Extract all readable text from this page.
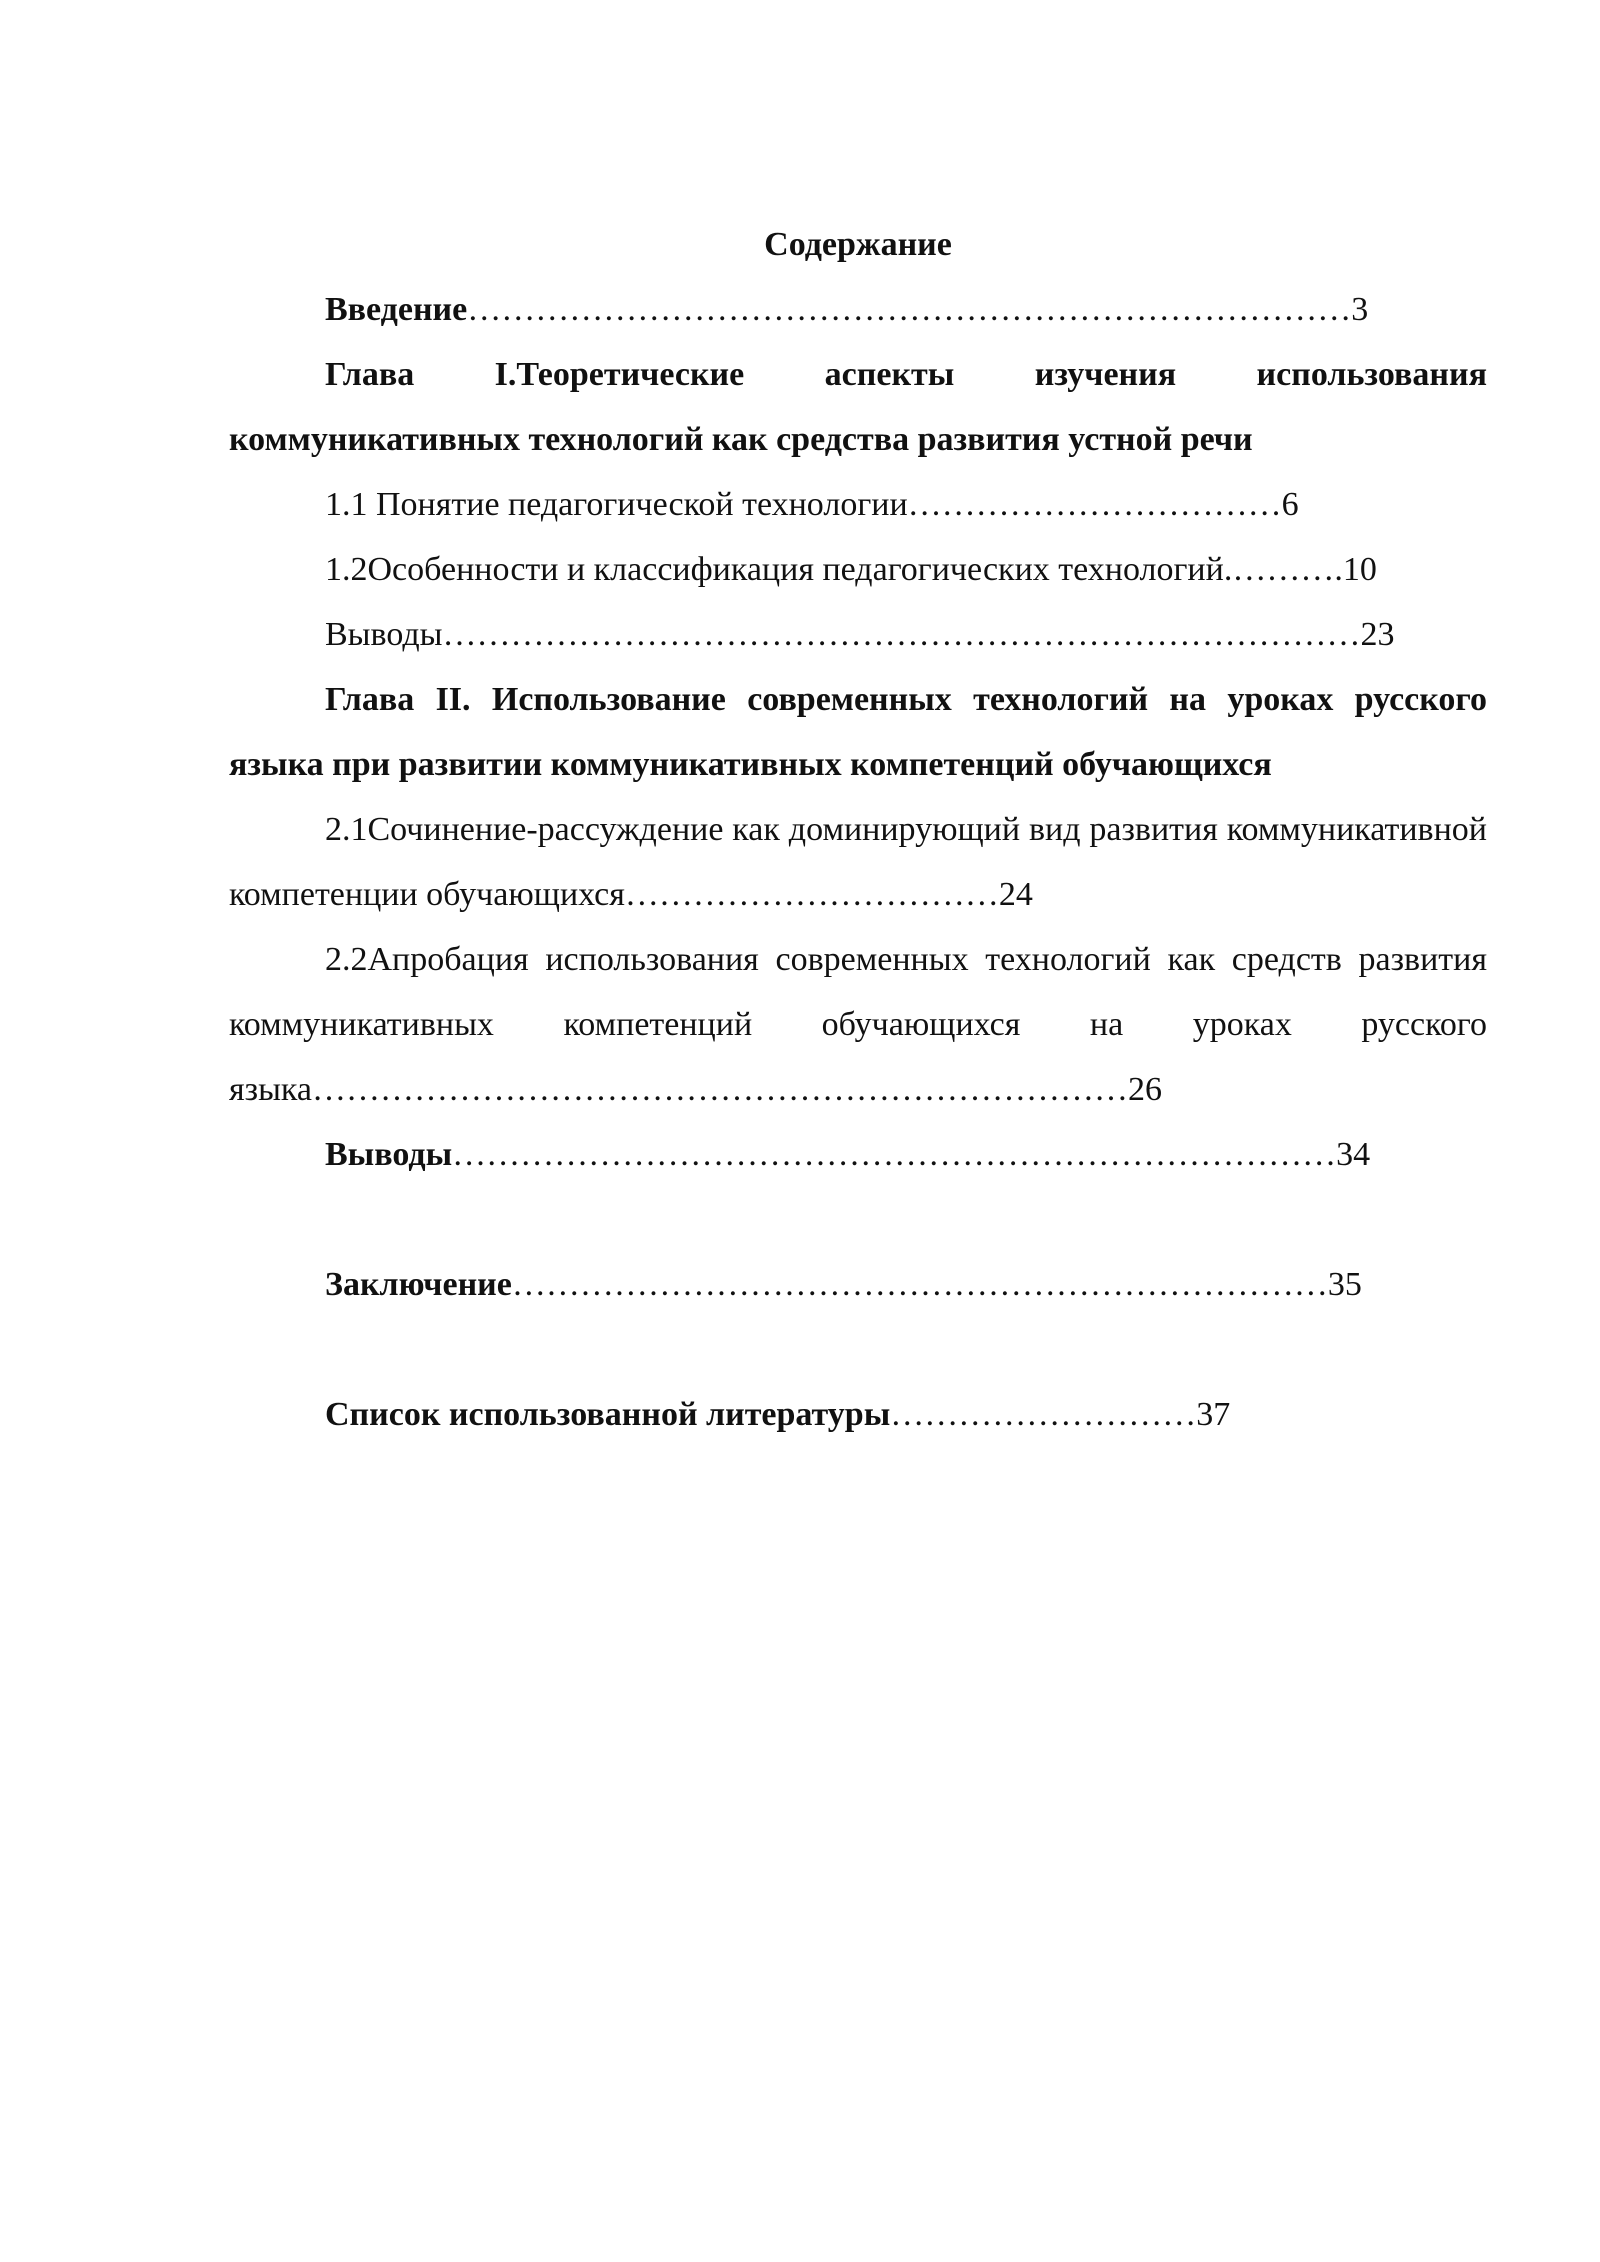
Содержание
Введение……………………………………………………………………3
Глава I.Теоретические аспекты изучения использования коммуникативных технологий как средства развития устной речи
1.1 Понятие педагогической технологии……………………………6
1.2Особенности и классификация педагогических технологий.……….10
Выводы………………………………………………………………………23
Глава II. Использование современных технологий на уроках русского языка при развитии коммуникативных компетенций обучающихся
2.1Сочинение-рассуждение как доминирующий вид развития коммуникативной компетенции обучающихся……………………………24
2.2Апробация использования современных технологий как средств развития коммуникативных компетенций обучающихся на уроках русского языка………………………………………………………………26
Выводы……………………………………………………………………34
Заключение………………………………………………………………35
Список использованной литературы………………………37
